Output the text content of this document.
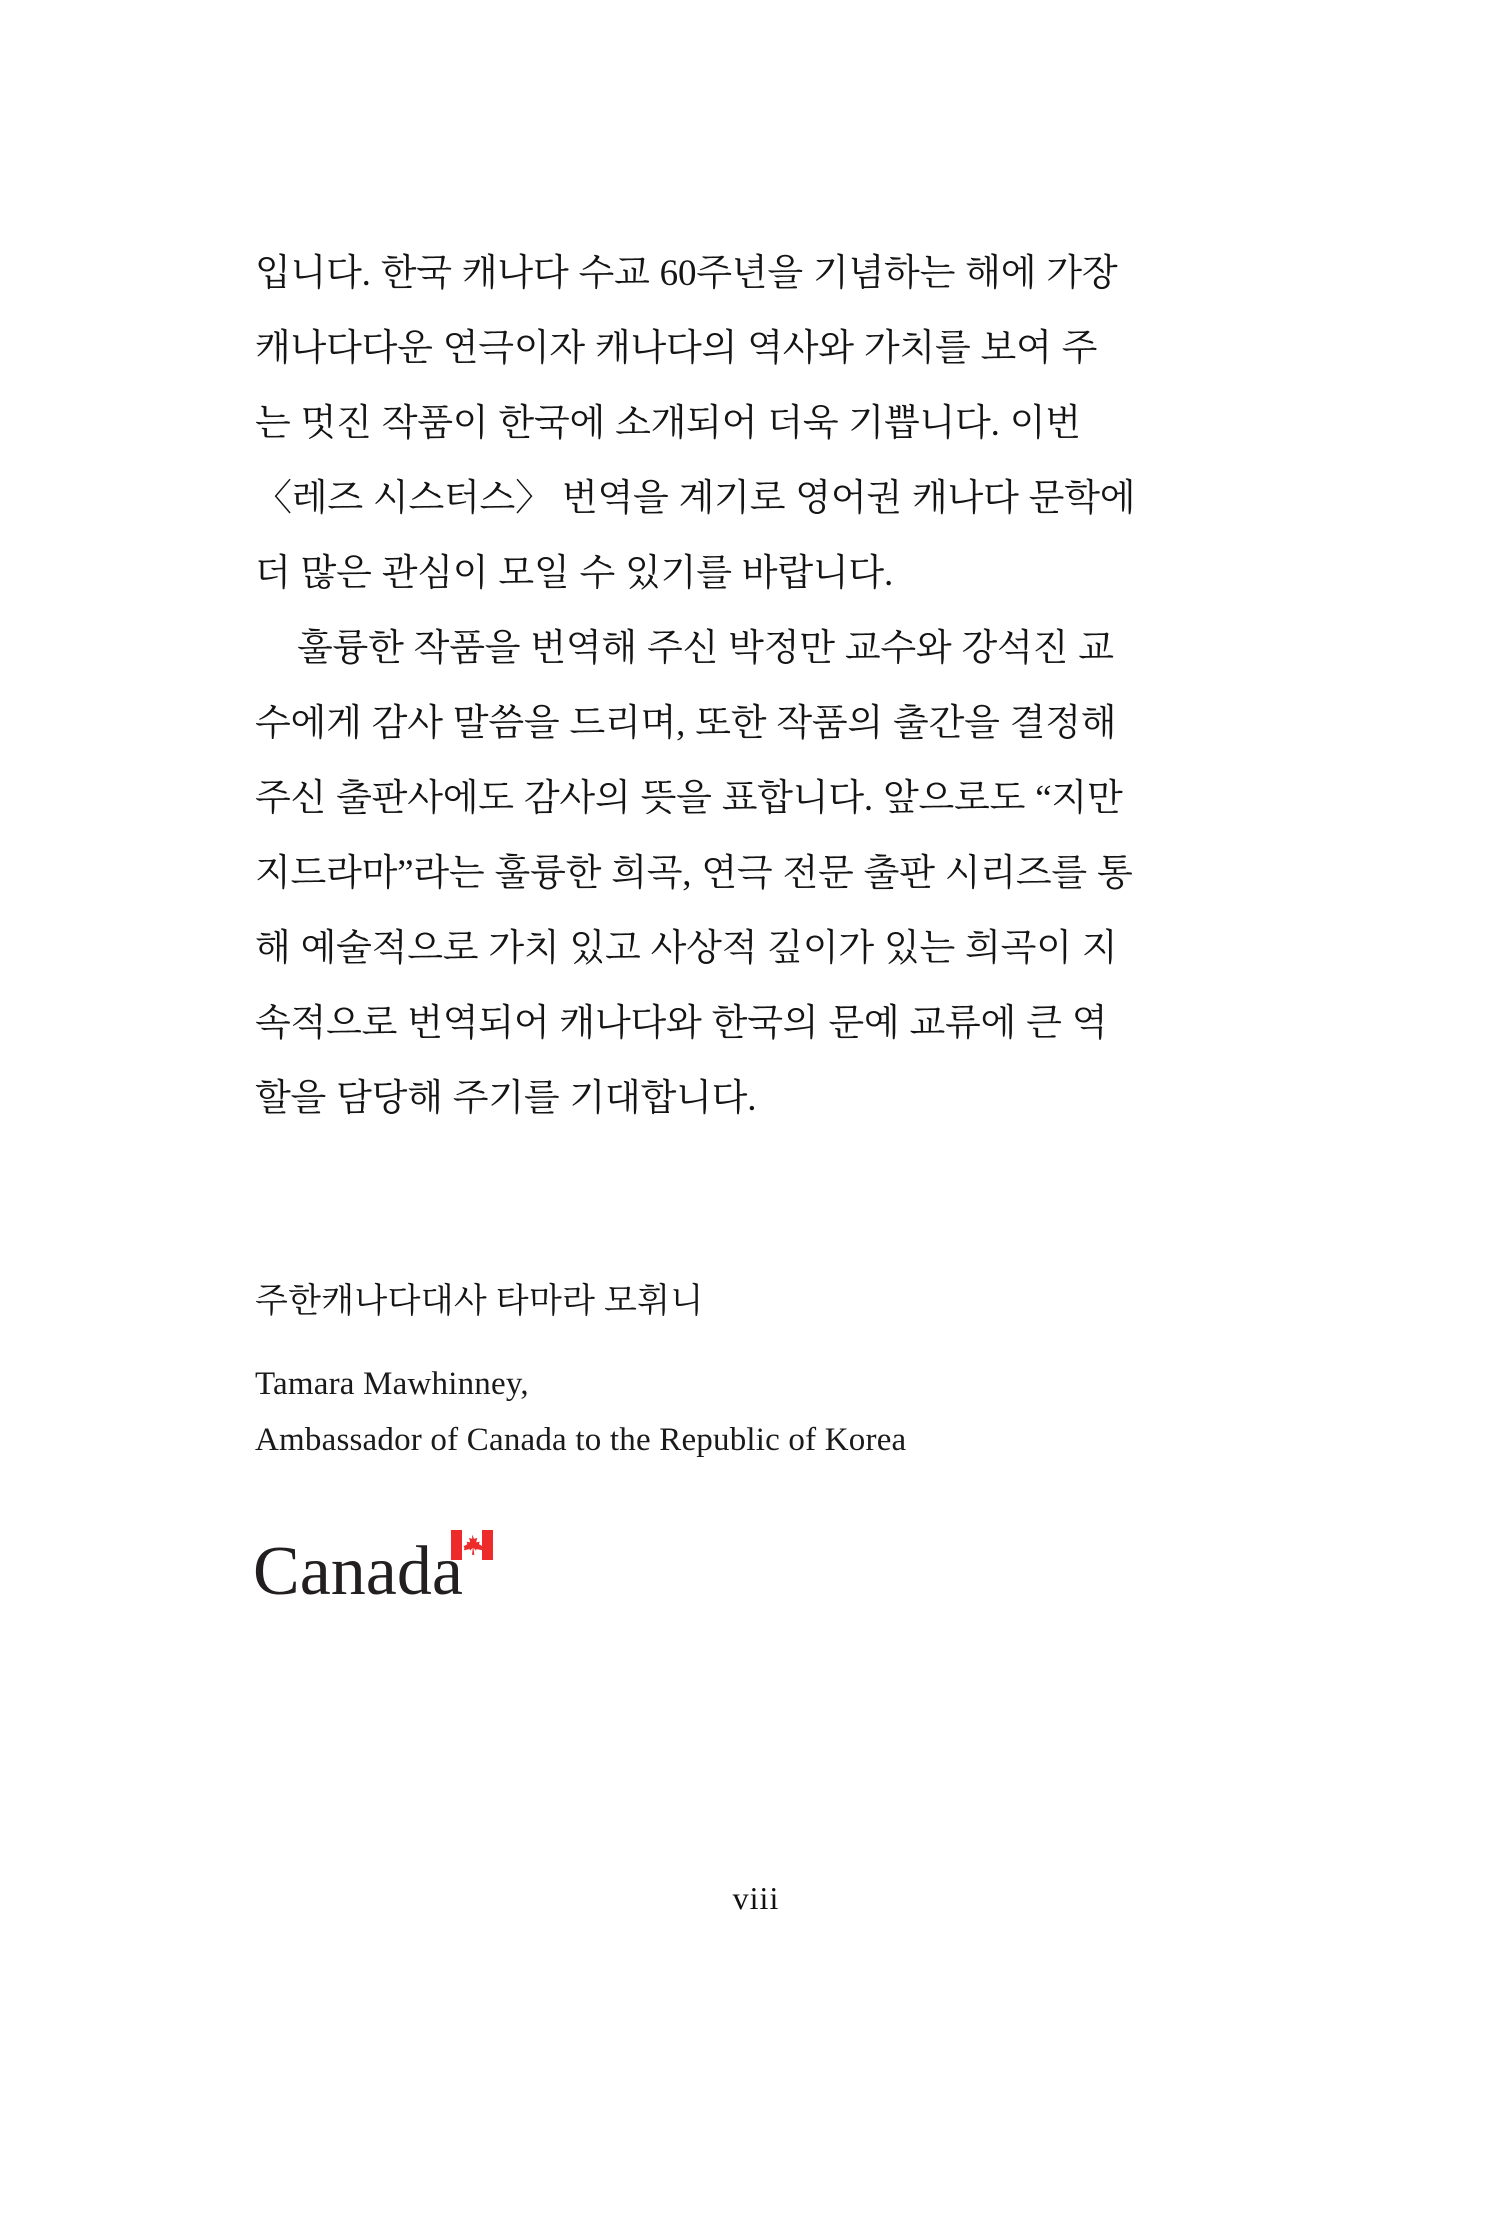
입니다. 한국 캐나다 수교 60주년을 기념하는 해에 가장
캐나다다운 연극이자 캐나다의 역사와 가치를 보여 주
는 멋진 작품이 한국에 소개되어 더욱 기쁩니다. 이번
〈레즈 시스터스〉 번역을 계기로 영어권 캐나다 문학에
더 많은 관심이 모일 수 있기를 바랍니다.

훌륭한 작품을 번역해 주신 박정만 교수와 강석진 교
수에게 감사 말씀을 드리며, 또한 작품의 출간을 결정해
주신 출판사에도 감사의 뜻을 표합니다. 앞으로도 “지만
지드라마”라는 훌륭한 희곡, 연극 전문 출판 시리즈를 통
해 예술적으로 가치 있고 사상적 깊이가 있는 희곡이 지
속적으로 번역되어 캐나다와 한국의 문예 교류에 큰 역
할을 담당해 주기를 기대합니다.

주한캐나다대사 타마라 모휘니
Tamara Mawhinney,
Ambassador of Canada to the Republic of Korea
Canada
viii
